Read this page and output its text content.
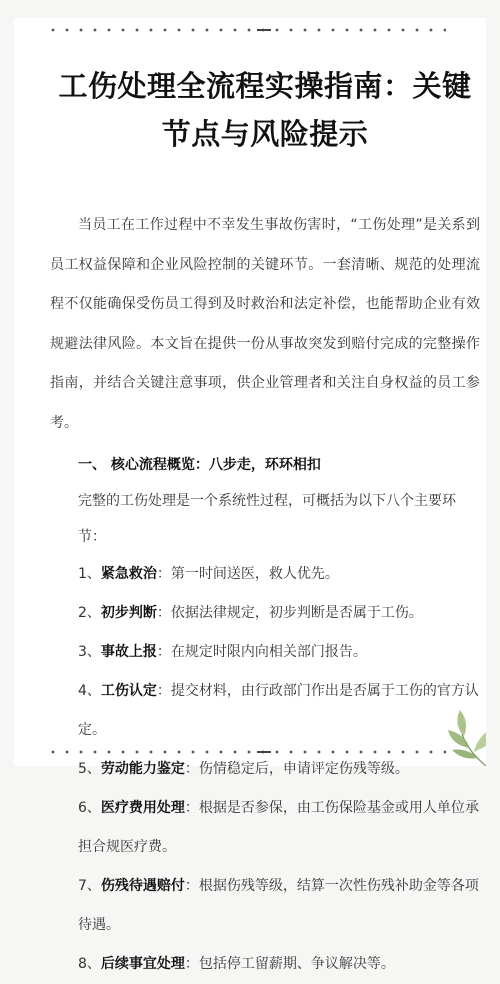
工伤处理全流程实操指南：关键节点与风险提示

当员工在工作过程中不幸发生事故伤害时，“工伤处理”是关系到员工权益保障和企业风险控制的关键环节。一套清晰、规范的处理流程不仅能确保受伤员工得到及时救治和法定补偿，也能帮助企业有效规避法律风险。本文旨在提供一份从事故突发到赔付完成的完整操作指南，并结合关键注意事项，供企业管理者和关注自身权益的员工参考。

一、 核心流程概览：八步走，环环相扣
完整的工伤处理是一个系统性过程，可概括为以下八个主要环节：
1、紧急救治：第一时间送医，救人优先。
2、初步判断：依据法律规定，初步判断是否属于工伤。
3、事故上报：在规定时限内向相关部门报告。
4、工伤认定：提交材料，由行政部门作出是否属于工伤的官方认定。
5、劳动能力鉴定：伤情稳定后，申请评定伤残等级。
6、医疗费用处理：根据是否参保，由工伤保险基金或用人单位承担合规医疗费。
7、伤残待遇赔付：根据伤残等级，结算一次性伤残补助金等各项待遇。
8、后续事宜处理：包括停工留薪期、争议解决等。
